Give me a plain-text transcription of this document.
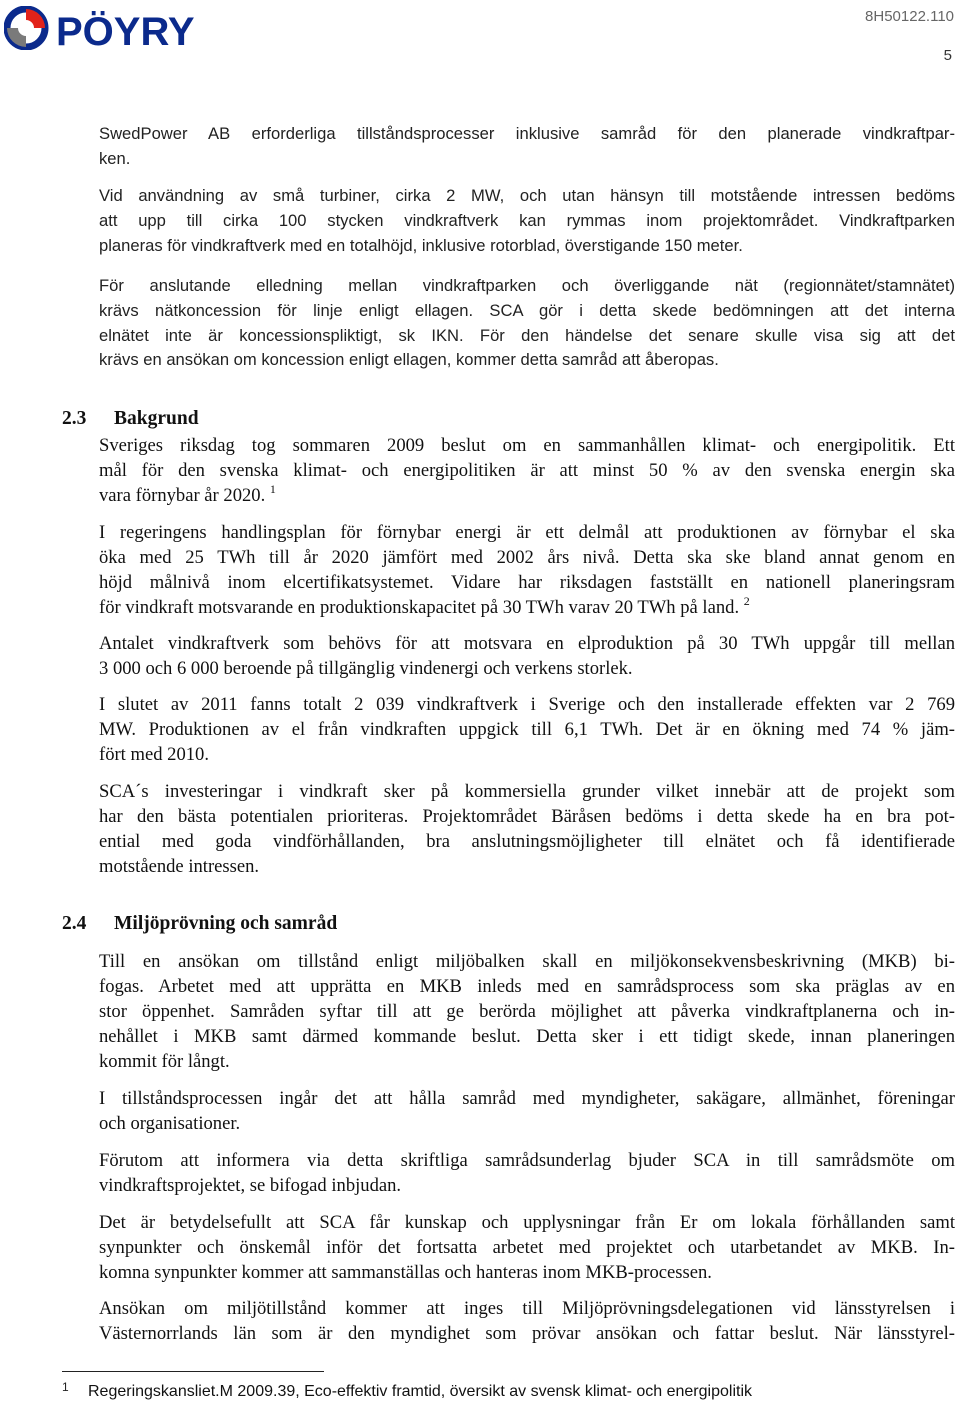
PÖYRY	8H50122.110
5
SwedPower AB erforderliga tillståndsprocesser inklusive samråd för den planerade vindkraftpar-
ken.
Vid användning av små turbiner, cirka 2 MW, och utan hänsyn till motstående intressen bedöms
att upp till cirka 100 stycken vindkraftverk kan rymmas inom projektområdet. Vindkraftparken
planeras för vindkraftverk med en totalhöjd, inklusive rotorblad, överstigande 150 meter.
För anslutande elledning mellan vindkraftparken och överliggande nät (regionnätet/stamnätet)
krävs nätkoncession för linje enligt ellagen. SCA gör i detta skede bedömningen att det interna
elnätet inte är koncessionspliktigt, sk IKN. För den händelse det senare skulle visa sig att det
krävs en ansökan om koncession enligt ellagen, kommer detta samråd att åberopas.
2.3 Bakgrund
Sveriges riksdag tog sommaren 2009 beslut om en sammanhållen klimat- och energipolitik. Ett
mål för den svenska klimat- och energipolitiken är att minst 50 % av den svenska energin ska
vara förnybar år 2020. $^1$
I regeringens handlingsplan för förnybar energi är ett delmål att produktionen av förnybar el ska
öka med 25 TWh till år 2020 jämfört med 2002 års nivå. Detta ska ske bland annat genom en
höjd målnivå inom elcertifikatsystemet. Vidare har riksdagen fastställt en nationell planeringsram
för vindkraft motsvarande en produktionskapacitet på 30 TWh varav 20 TWh på land. $^2$
Antalet vindkraftverk som behövs för att motsvara en elproduktion på 30 TWh uppgår till mellan
3 000 och 6 000 beroende på tillgänglig vindenergi och verkens storlek.
I slutet av 2011 fanns totalt 2 039 vindkraftverk i Sverige och den installerade effekten var 2 769
MW. Produktionen av el från vindkraften uppgick till 6,1 TWh. Det är en ökning med 74 % jäm-
fört med 2010.
SCA´s investeringar i vindkraft sker på kommersiella grunder vilket innebär att de projekt som
har den bästa potentialen prioriteras. Projektområdet Bäråsen bedöms i detta skede ha en bra pot-
ential med goda vindförhållanden, bra anslutningsmöjligheter till elnätet och få identifierade
motstående intressen.
2.4 Miljöprövning och samråd
Till en ansökan om tillstånd enligt miljöbalken skall en miljökonsekvensbeskrivning (MKB) bi-
fogas. Arbetet med att upprätta en MKB inleds med en samrådsprocess som ska präglas av en
stor öppenhet. Samråden syftar till att ge berörda möjlighet att påverka vindkraftplanerna och in-
nehållet i MKB samt därmed kommande beslut. Detta sker i ett tidigt skede, innan planeringen
kommit för långt.
I tillståndsprocessen ingår det att hålla samråd med myndigheter, sakägare, allmänhet, föreningar
och organisationer.
Förutom att informera via detta skriftliga samrådsunderlag bjuder SCA in till samrådsmöte om
vindkraftsprojektet, se bifogad inbjudan.
Det är betydelsefullt att SCA får kunskap och upplysningar från Er om lokala förhållanden samt
synpunkter och önskemål inför det fortsatta arbetet med projektet och utarbetandet av MKB. In-
komna synpunkter kommer att sammanställas och hanteras inom MKB-processen.
Ansökan om miljötillstånd kommer att inges till Miljöprövningsdelegationen vid länsstyrelsen i
Västernorrlands län som är den myndighet som prövar ansökan och fattar beslut. När länsstyrel-
1 Regeringskansliet.M 2009.39, Eco-effektiv framtid, översikt av svensk klimat- och energipolitik
